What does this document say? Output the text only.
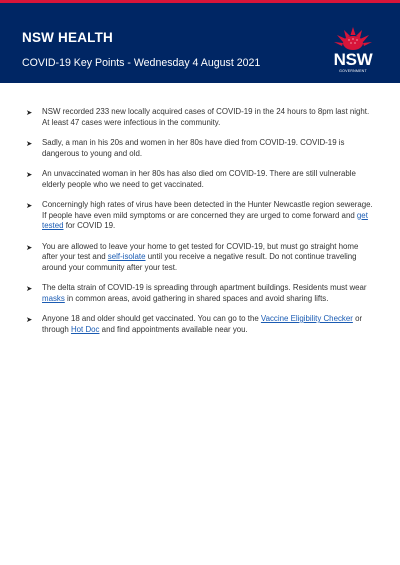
NSW HEALTH

COVID-19 Key Points - Wednesday 4 August 2021	NSW
GOVERNMENT
➤ NSW recorded 233 new locally acquired cases of COVID-19 in the 24 hours to 8pm last night. At least 47 cases were infectious in the community.
➤ Sadly, a man in his 20s and women in her 80s have died from COVID-19. COVID-19 is dangerous to young and old.
➤ An unvaccinated woman in her 80s has also died om COVID-19. There are still vulnerable elderly people who we need to get vaccinated.
➤ Concerningly high rates of virus have been detected in the Hunter Newcastle region sewerage. If people have even mild symptoms or are concerned they are urged to come forward and get tested for COVID 19.
➤ You are allowed to leave your home to get tested for COVID-19, but must go straight home after your test and self-isolate until you receive a negative result. Do not continue traveling around your community after your test.
➤ The delta strain of COVID-19 is spreading through apartment buildings. Residents must wear masks in common areas, avoid gathering in shared spaces and avoid sharing lifts.
➤ Anyone 18 and older should get vaccinated. You can go to the Vaccine Eligibility Checker or through Hot Doc and find appointments available near you.
